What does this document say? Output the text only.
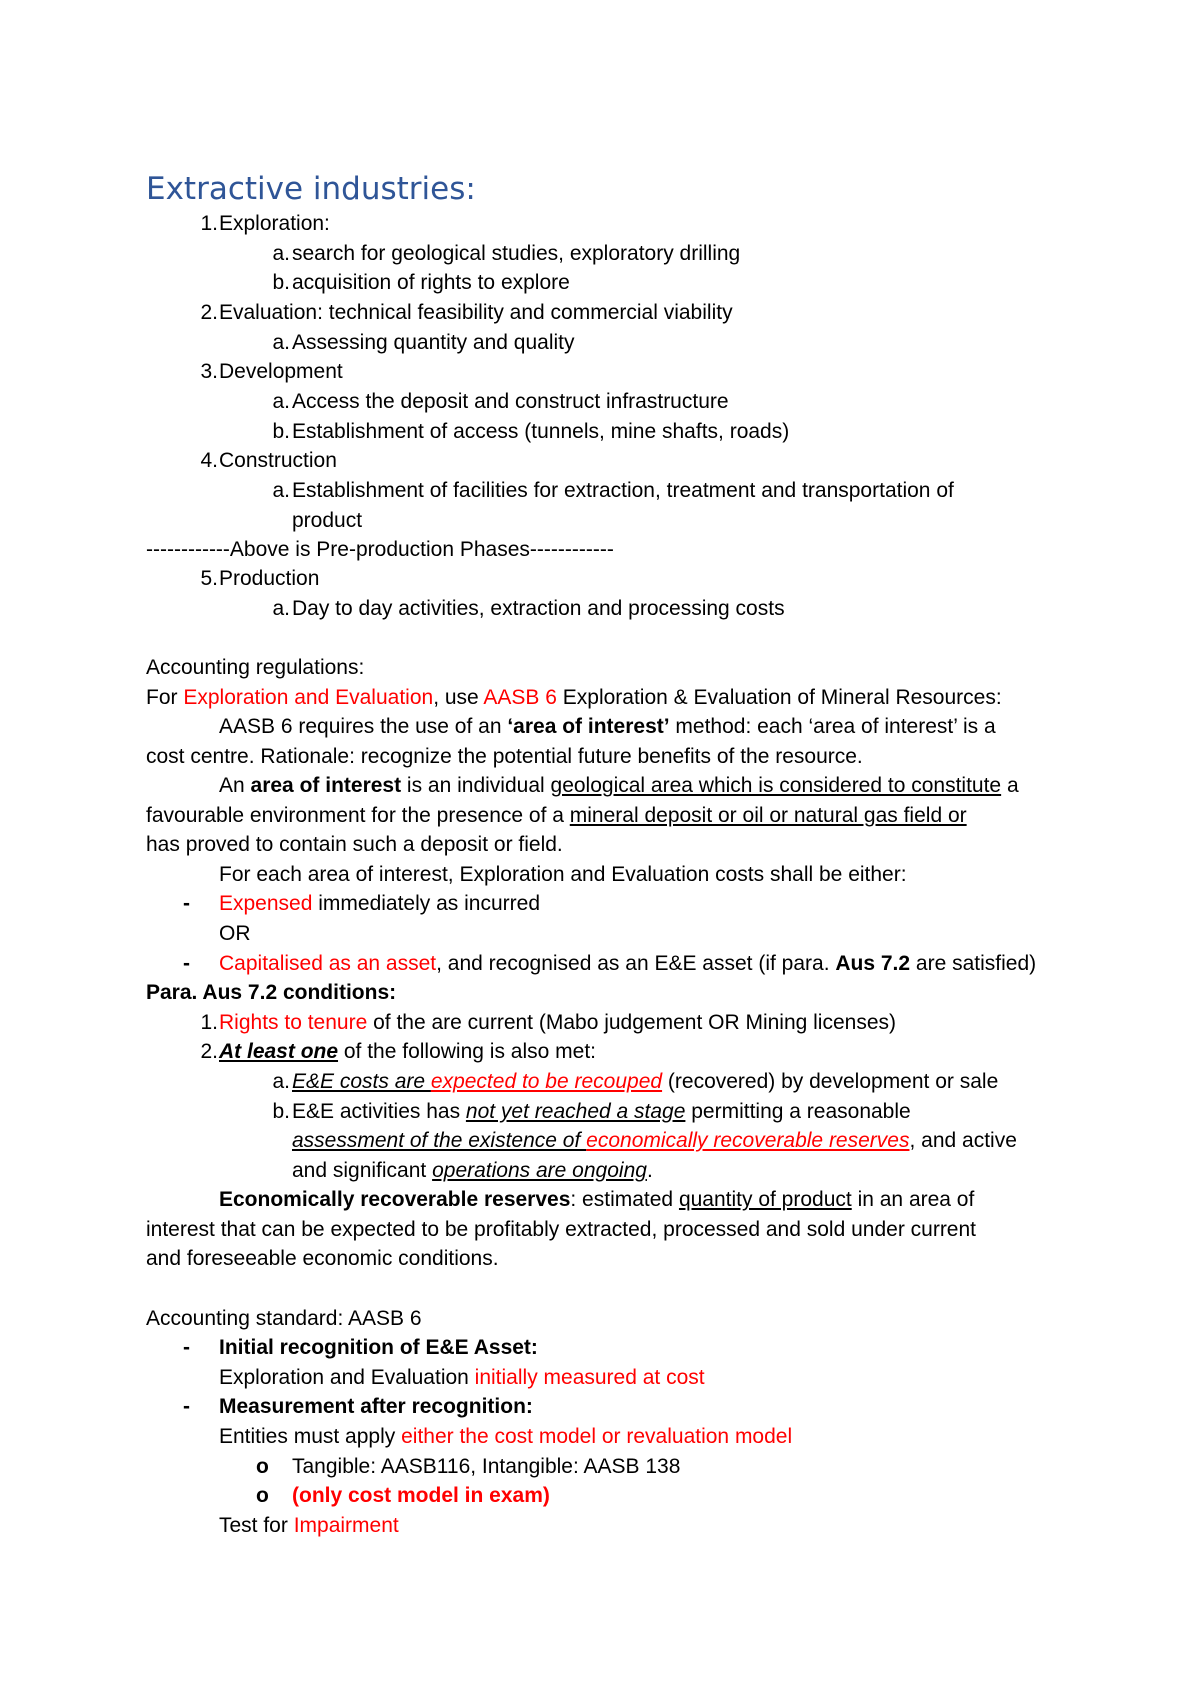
Extractive industries:
1. Exploration:
a. search for geological studies, exploratory drilling
b. acquisition of rights to explore
2. Evaluation: technical feasibility and commercial viability
a. Assessing quantity and quality
3. Development
a. Access the deposit and construct infrastructure
b. Establishment of access (tunnels, mine shafts, roads)
4. Construction
a. Establishment of facilities for extraction, treatment and transportation of
product
------------Above is Pre-production Phases------------
5. Production
a. Day to day activities, extraction and processing costs
Accounting regulations:
For Exploration and Evaluation, use AASB 6 Exploration & Evaluation of Mineral Resources:
AASB 6 requires the use of an ‘area of interest’ method: each ‘area of interest’ is a
cost centre. Rationale: recognize the potential future benefits of the resource.
An area of interest is an individual geological area which is considered to constitute a
favourable environment for the presence of a mineral deposit or oil or natural gas field or
has proved to contain such a deposit or field.
For each area of interest, Exploration and Evaluation costs shall be either:
- Expensed immediately as incurred
OR
- Capitalised as an asset, and recognised as an E&E asset (if para. Aus 7.2 are satisfied)
Para. Aus 7.2 conditions:
1. Rights to tenure of the are current (Mabo judgement OR Mining licenses)
2. At least one of the following is also met:
a. E&E costs are expected to be recouped (recovered) by development or sale
b. E&E activities has not yet reached a stage permitting a reasonable
assessment of the existence of economically recoverable reserves, and active
and significant operations are ongoing.
Economically recoverable reserves: estimated quantity of product in an area of
interest that can be expected to be profitably extracted, processed and sold under current
and foreseeable economic conditions.
Accounting standard: AASB 6
- Initial recognition of E&E Asset:
Exploration and Evaluation initially measured at cost
- Measurement after recognition:
Entities must apply either the cost model or revaluation model
o Tangible: AASB116, Intangible: AASB 138
o (only cost model in exam)
Test for Impairment
